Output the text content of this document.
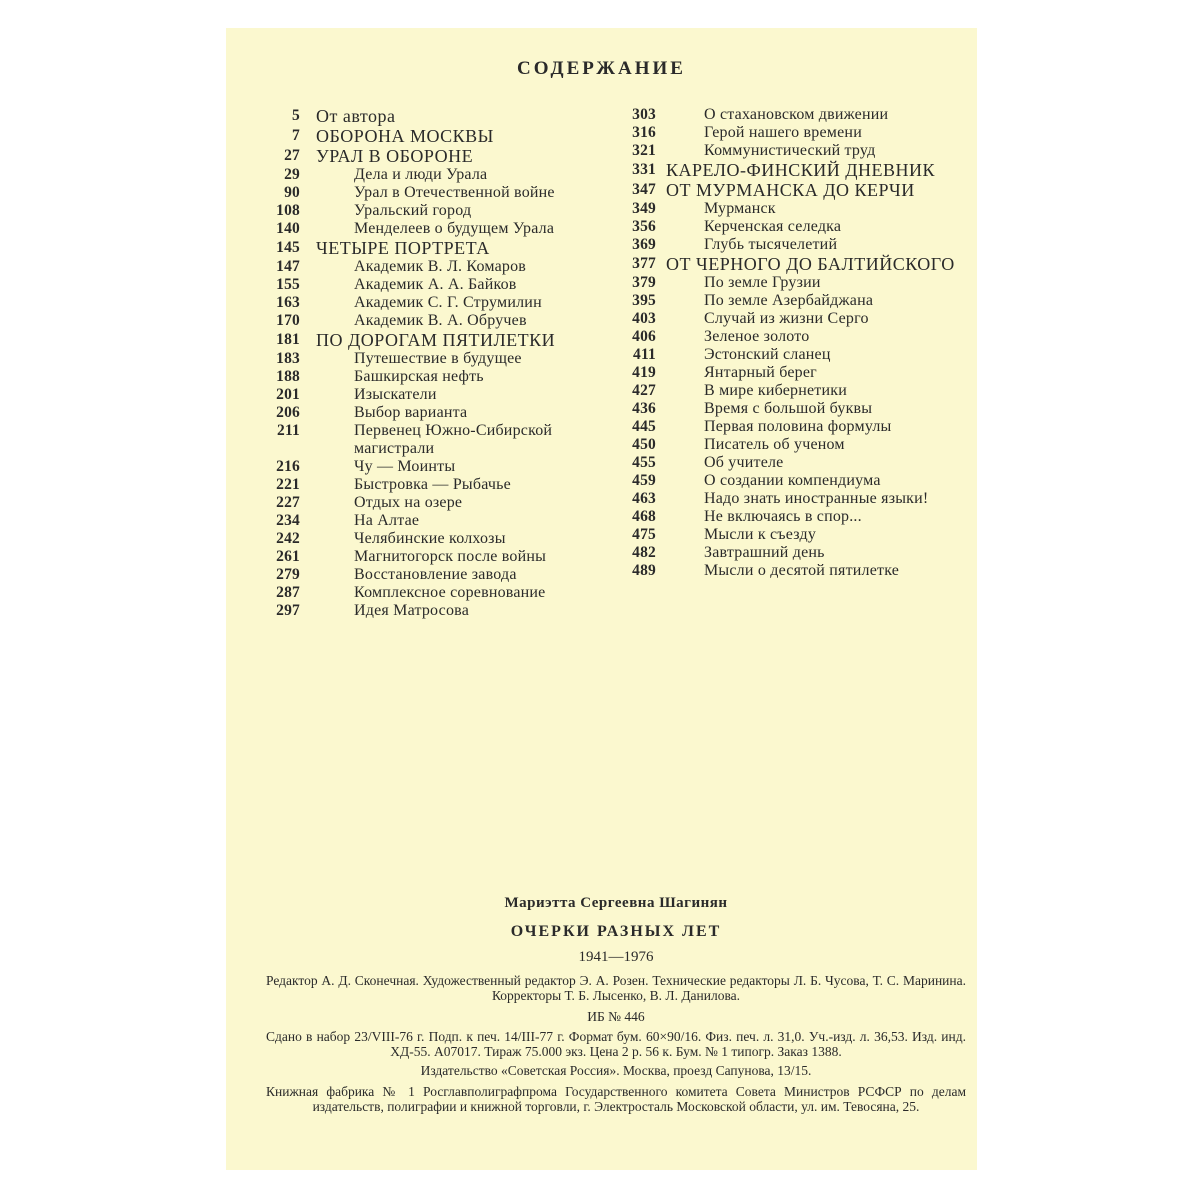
СОДЕРЖАНИЕ
5 От автора
7 ОБОРОНА МОСКВЫ
27 УРАЛ В ОБОРОНЕ
29	Дела и люди Урала
90	Урал в Отечественной войне
108	Уральский город
140	Менделеев о будущем Урала
145 ЧЕТЫРЕ ПОРТРЕТА
147	Академик В. Л. Комаров
155	Академик А. А. Байков
163	Академик С. Г. Струмилин
170	Академик В. А. Обручев
181 ПО ДОРОГАМ ПЯТИЛЕТКИ
183	Путешествие в будущее
188	Башкирская нефть
201	Изыскатели
206	Выбор варианта
211	Первенец Южно-Сибирской магистрали
216	Чу — Моинты
221	Быстровка — Рыбачье
227	Отдых на озере
234	На Алтае
242	Челябинские колхозы
261	Магнитогорск после войны
279	Восстановление завода
287	Комплексное соревнование
297	Идея Матросова
303	О стахановском движении
316	Герой нашего времени
321	Коммунистический труд
331 КАРЕЛО-ФИНСКИЙ ДНЕВНИК
347 ОТ МУРМАНСКА ДО КЕРЧИ
349	Мурманск
356	Керченская селедка
369	Глубь тысячелетий
377 ОТ ЧЕРНОГО ДО БАЛТИЙСКОГО
379	По земле Грузии
395	По земле Азербайджана
403	Случай из жизни Серго
406	Зеленое золото
411	Эстонский сланец
419	Янтарный берег
427	В мире кибернетики
436	Время с большой буквы
445	Первая половина формулы
450	Писатель об ученом
455	Об учителе
459	О создании компендиума
463	Надо знать иностранные языки!
468	Не включаясь в спор...
475	Мысли к съезду
482	Завтрашний день
489	Мысли о десятой пятилетке
Мариэтта Сергеевна Шагинян
ОЧЕРКИ РАЗНЫХ ЛЕТ
1941—1976
Редактор А. Д. Сконечная. Художественный редактор Э. А. Розен. Технические редакторы Л. Б. Чусова, Т. С. Маринина. Корректоры Т. Б. Лысенко, В. Л. Данилова.
ИБ № 446
Сдано в набор 23/VIII-76 г. Подп. к печ. 14/III-77 г. Формат бум. 60×90/16. Физ. печ. л. 31,0. Уч.-изд. л. 36,53. Изд. инд. ХД-55. А07017. Тираж 75.000 экз. Цена 2 р. 56 к. Бум. № 1 типогр. Заказ 1388.
Издательство «Советская Россия». Москва, проезд Сапунова, 13/15.
Книжная фабрика № 1 Росглавполиграфпрома Государственного комитета Совета Министров РСФСР по делам издательств, полиграфии и книжной торговли, г. Электросталь Московской области, ул. им. Тевосяна, 25.
